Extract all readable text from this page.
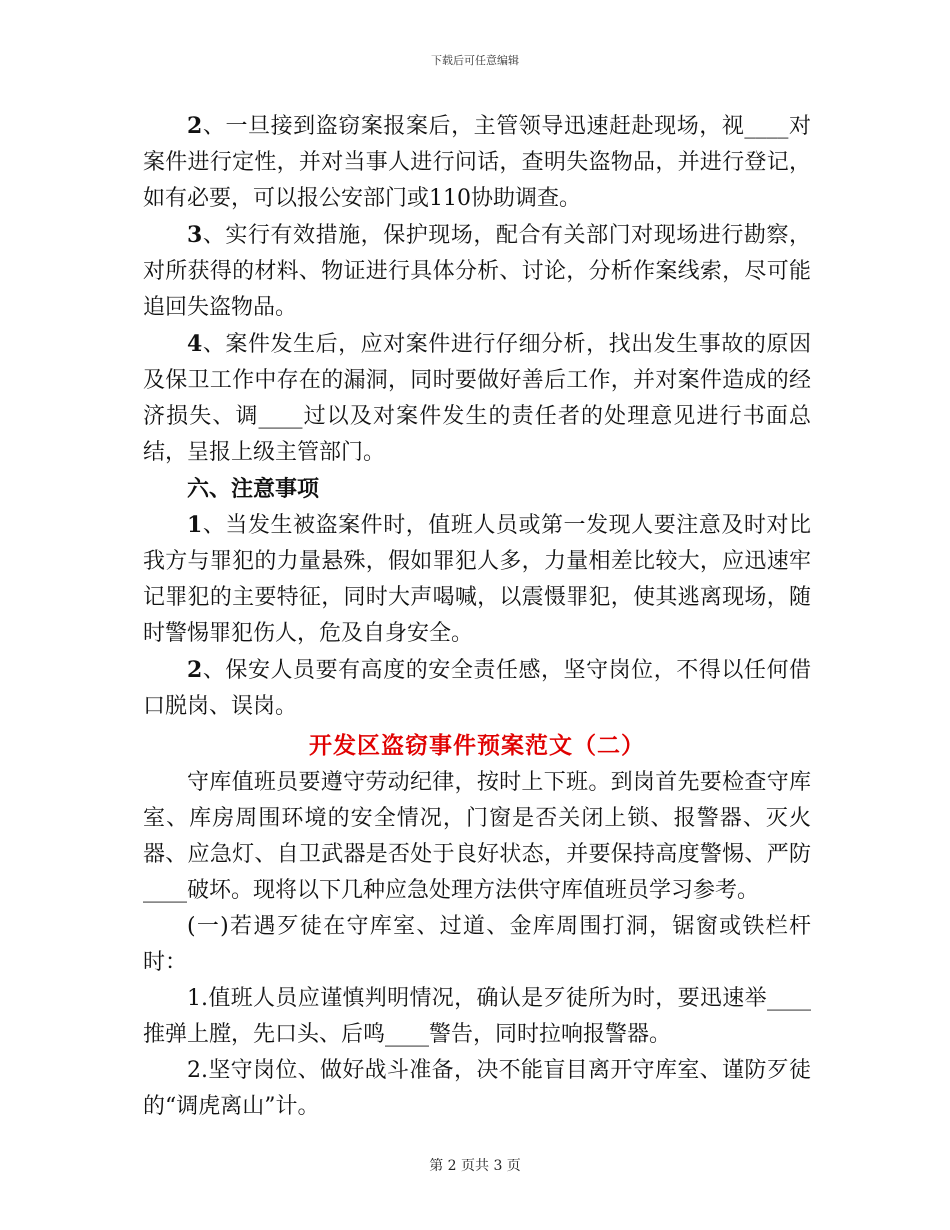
下载后可任意编辑

2、一旦接到盗窃案报案后，主管领导迅速赶赴现场，视____对案件进行定性，并对当事人进行问话，查明失盗物品，并进行登记，如有必要，可以报公安部门或110协助调查。

3、实行有效措施，保护现场，配合有关部门对现场进行勘察，对所获得的材料、物证进行具体分析、讨论，分析作案线索，尽可能追回失盗物品。

4、案件发生后，应对案件进行仔细分析，找出发生事故的原因及保卫工作中存在的漏洞，同时要做好善后工作，并对案件造成的经济损失、调____过以及对案件发生的责任者的处理意见进行书面总结，呈报上级主管部门。

六、注意事项

1、当发生被盗案件时，值班人员或第一发现人要注意及时对比我方与罪犯的力量悬殊，假如罪犯人多，力量相差比较大，应迅速牢记罪犯的主要特征，同时大声喝喊，以震慑罪犯，使其逃离现场，随时警惕罪犯伤人，危及自身安全。

2、保安人员要有高度的安全责任感，坚守岗位，不得以任何借口脱岗、误岗。

开发区盗窃事件预案范文（二）

守库值班员要遵守劳动纪律，按时上下班。到岗首先要检查守库室、库房周围环境的安全情况，门窗是否关闭上锁、报警器、灭火器、应急灯、自卫武器是否处于良好状态，并要保持高度警惕、严防____破坏。现将以下几种应急处理方法供守库值班员学习参考。

(一)若遇歹徒在守库室、过道、金库周围打洞，锯窗或铁栏杆时：

1.值班人员应谨慎判明情况，确认是歹徒所为时，要迅速举____推弹上膛，先口头、后鸣____警告，同时拉响报警器。

2.坚守岗位、做好战斗准备，决不能盲目离开守库室、谨防歹徒的“调虎离山”计。

第 2 页共 3 页
